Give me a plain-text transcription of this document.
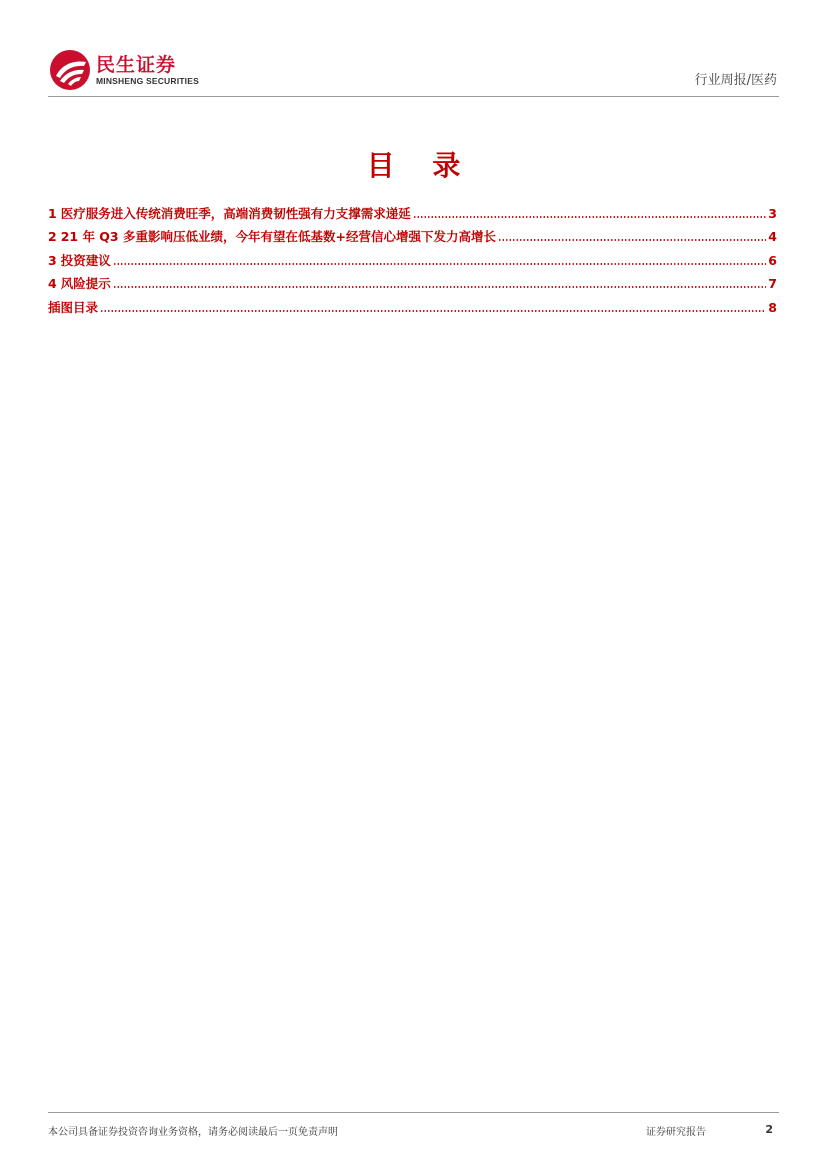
民生证券
MINSHENG SECURITIES	行业周报/医药
目 录
1 医疗服务进入传统消费旺季，高端消费韧性强有力支撑需求递延	3
2 21 年 Q3 多重影响压低业绩，今年有望在低基数+经营信心增强下发力高增长	4
3 投资建议	6
4 风险提示	7
插图目录	8
本公司具备证券投资咨询业务资格，请务必阅读最后一页免责声明	证券研究报告	2
